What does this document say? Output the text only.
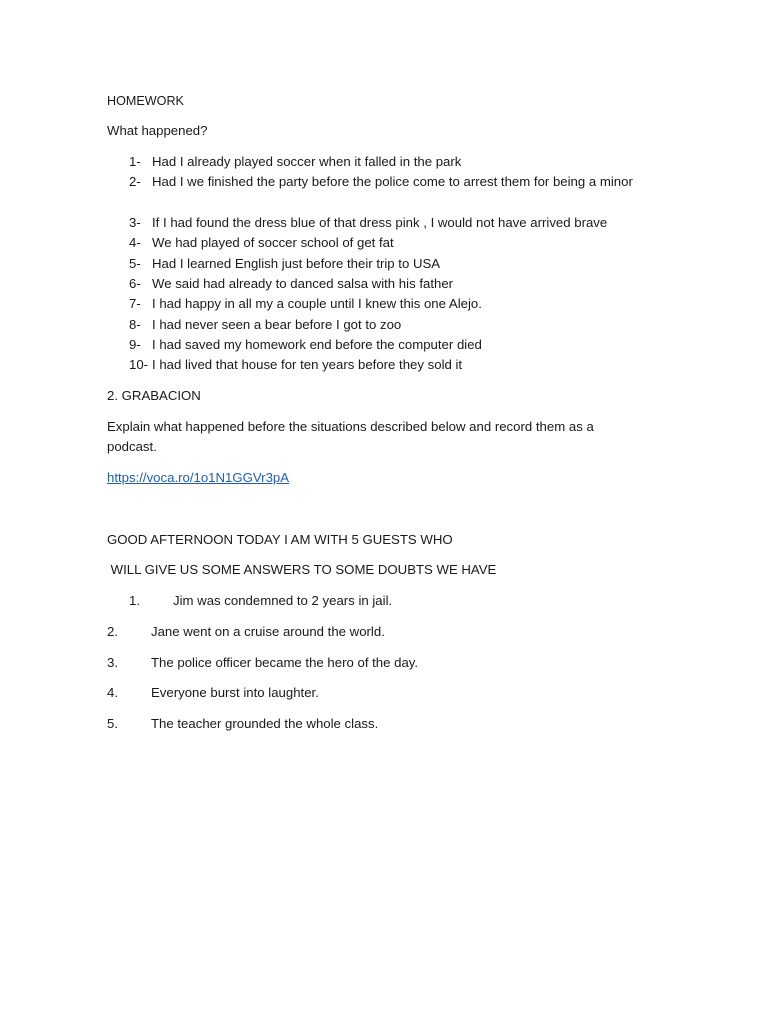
HOMEWORK
What happened?
1- Had I already played soccer when it falled in the park
2- Had I we finished the party before the police come to arrest them for being a minor
3- If I had found the dress blue of that dress pink , I would not have arrived brave
4- We had played of soccer school of get fat
5- Had I learned English just before their trip to USA
6- We said had already to danced salsa with his father
7- I had happy in all my a couple until I knew this one Alejo.
8- I had never seen a bear before I got to zoo
9- I had saved my homework end before the computer died
10- I had lived that house for ten years before they sold it
2. GRABACION
Explain what happened before the situations described below and record them as a podcast.
https://voca.ro/1o1N1GGVr3pA
GOOD AFTERNOON TODAY I AM WITH 5 GUESTS WHO
WILL GIVE US SOME ANSWERS TO SOME DOUBTS WE HAVE
1.	Jim was condemned to 2 years in jail.
2.	Jane went on a cruise around the world.
3.	The police officer became the hero of the day.
4.	Everyone burst into laughter.
5.	The teacher grounded the whole class.
